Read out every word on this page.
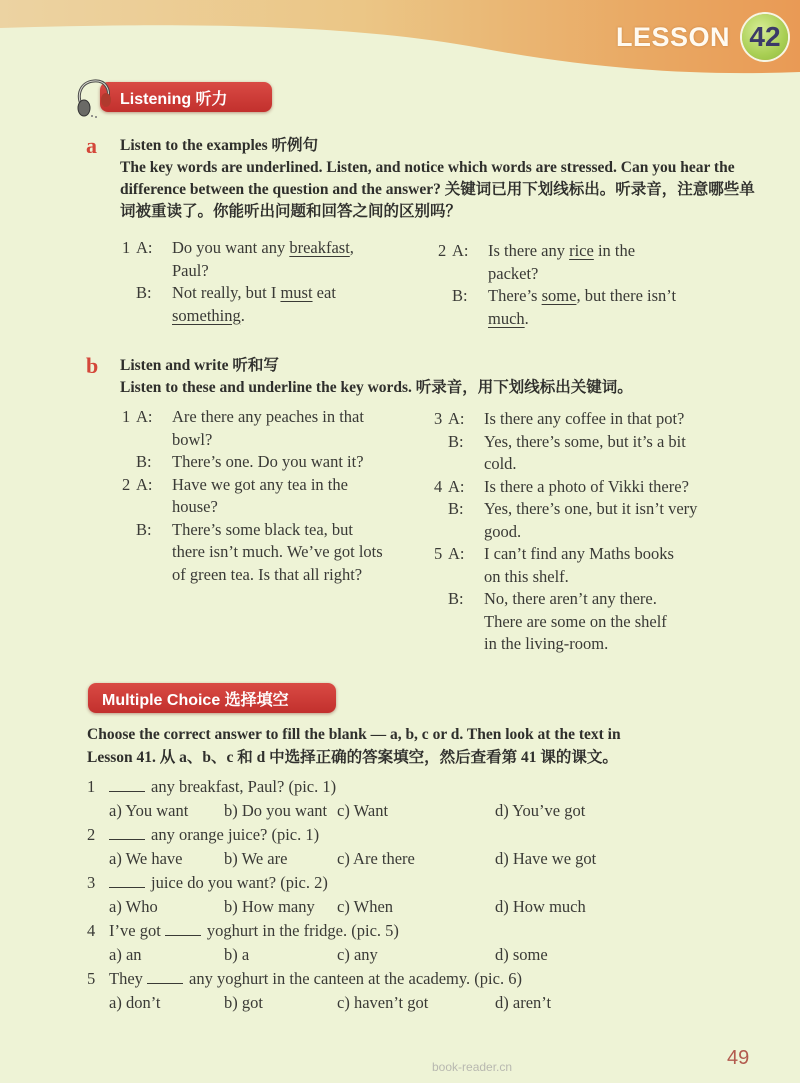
LESSON 42
Listening 听力
a Listen to the examples 听例句
The key words are underlined. Listen, and notice which words are stressed. Can you hear the difference between the question and the answer? 关键词已用下划线标出。听录音，注意哪些单词被重读了。你能听出问题和回答之间的区别吗？
1 A: Do you want any breakfast,
Paul?
B: Not really, but I must eat
something.
2 A: Is there any rice in the
packet?
B: There’s some, but there isn’t
much.
b Listen and write 听和写
Listen to these and underline the key words. 听录音，用下划线标出关键词。
1 A: Are there any peaches in that
bowl?
B: There’s one. Do you want it?
2 A: Have we got any tea in the
house?
B: There’s some black tea, but
there isn’t much. We’ve got lots
of green tea. Is that all right?
3 A: Is there any coffee in that pot?
B: Yes, there’s some, but it’s a bit
cold.
4 A: Is there a photo of Vikki there?
B: Yes, there’s one, but it isn’t very
good.
5 A: I can’t find any Maths books
on this shelf.
B: No, there aren’t any there.
There are some on the shelf
in the living-room.
Multiple Choice 选择填空
Choose the correct answer to fill the blank — a, b, c or d. Then look at the text in
Lesson 41. 从 a、b、c 和 d 中选择正确的答案填空，然后查看第 41 课的课文。
1	any breakfast, Paul? (pic. 1)
a) You want b) Do you want c) Want	d) You’ve got
2	any orange juice? (pic. 1)
a) We have	b) We are	c) Are there	d) Have we got
3	juice do you want? (pic. 2)
a) Who	b) How many c) When	d) How much
4 I’ve got	yoghurt in the fridge. (pic. 5)
a) an	b) a	c) any	d) some
5 They	any yoghurt in the canteen at the academy. (pic. 6)
a) don’t	b) got	c) haven’t got	d) aren’t
49
book-reader.cn
